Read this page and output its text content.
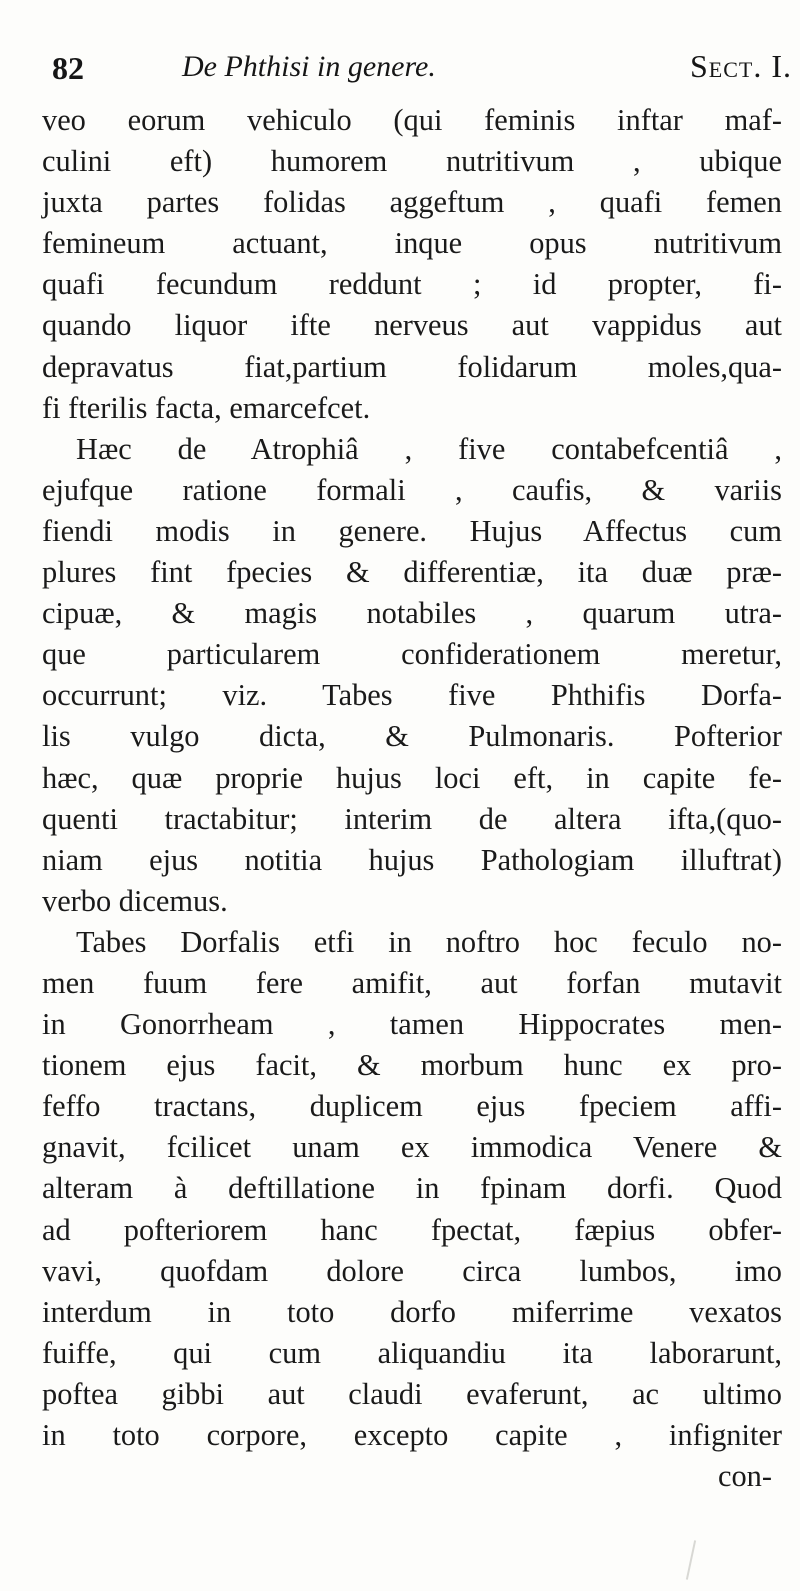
82	De Phthisi in genere.	Sect. I.
veo eorum vehiculo (qui feminis inftar maf-
culini eft) humorem nutritivum , ubique
juxta partes folidas aggeftum , quafi femen
femineum actuant, inque opus nutritivum
quafi fecundum reddunt ; id propter, fi-
quando liquor ifte nerveus aut vappidus aut
depravatus fiat,partium folidarum moles,qua-
fi fterilis facta, emarcefcet.
Hæc de Atrophiâ , five contabefcentiâ ,
ejufque ratione formali , caufis, & variis
fiendi modis in genere. Hujus Affectus cum
plures fint fpecies & differentiæ, ita duæ præ-
cipuæ, & magis notabiles , quarum utra-
que particularem confiderationem meretur,
occurrunt; viz. Tabes five Phthifis Dorfa-
lis vulgo dicta, & Pulmonaris. Pofterior
hæc, quæ proprie hujus loci eft, in capite fe-
quenti tractabitur; interim de altera ifta,(quo-
niam ejus notitia hujus Pathologiam illuftrat)
verbo dicemus.
Tabes Dorfalis etfi in noftro hoc feculo no-
men fuum fere amifit, aut forfan mutavit
in Gonorrheam , tamen Hippocrates men-
tionem ejus facit, & morbum hunc ex pro-
feffo tractans, duplicem ejus fpeciem affi-
gnavit, fcilicet unam ex immodica Venere &
alteram à deftillatione in fpinam dorfi. Quod
ad pofteriorem hanc fpectat, fæpius obfer-
vavi, quofdam dolore circa lumbos, imo
interdum in toto dorfo miferrime vexatos
fuiffe, qui cum aliquandiu ita laborarunt,
poftea gibbi aut claudi evaferunt, ac ultimo
in toto corpore, excepto capite , infigniter
con-
